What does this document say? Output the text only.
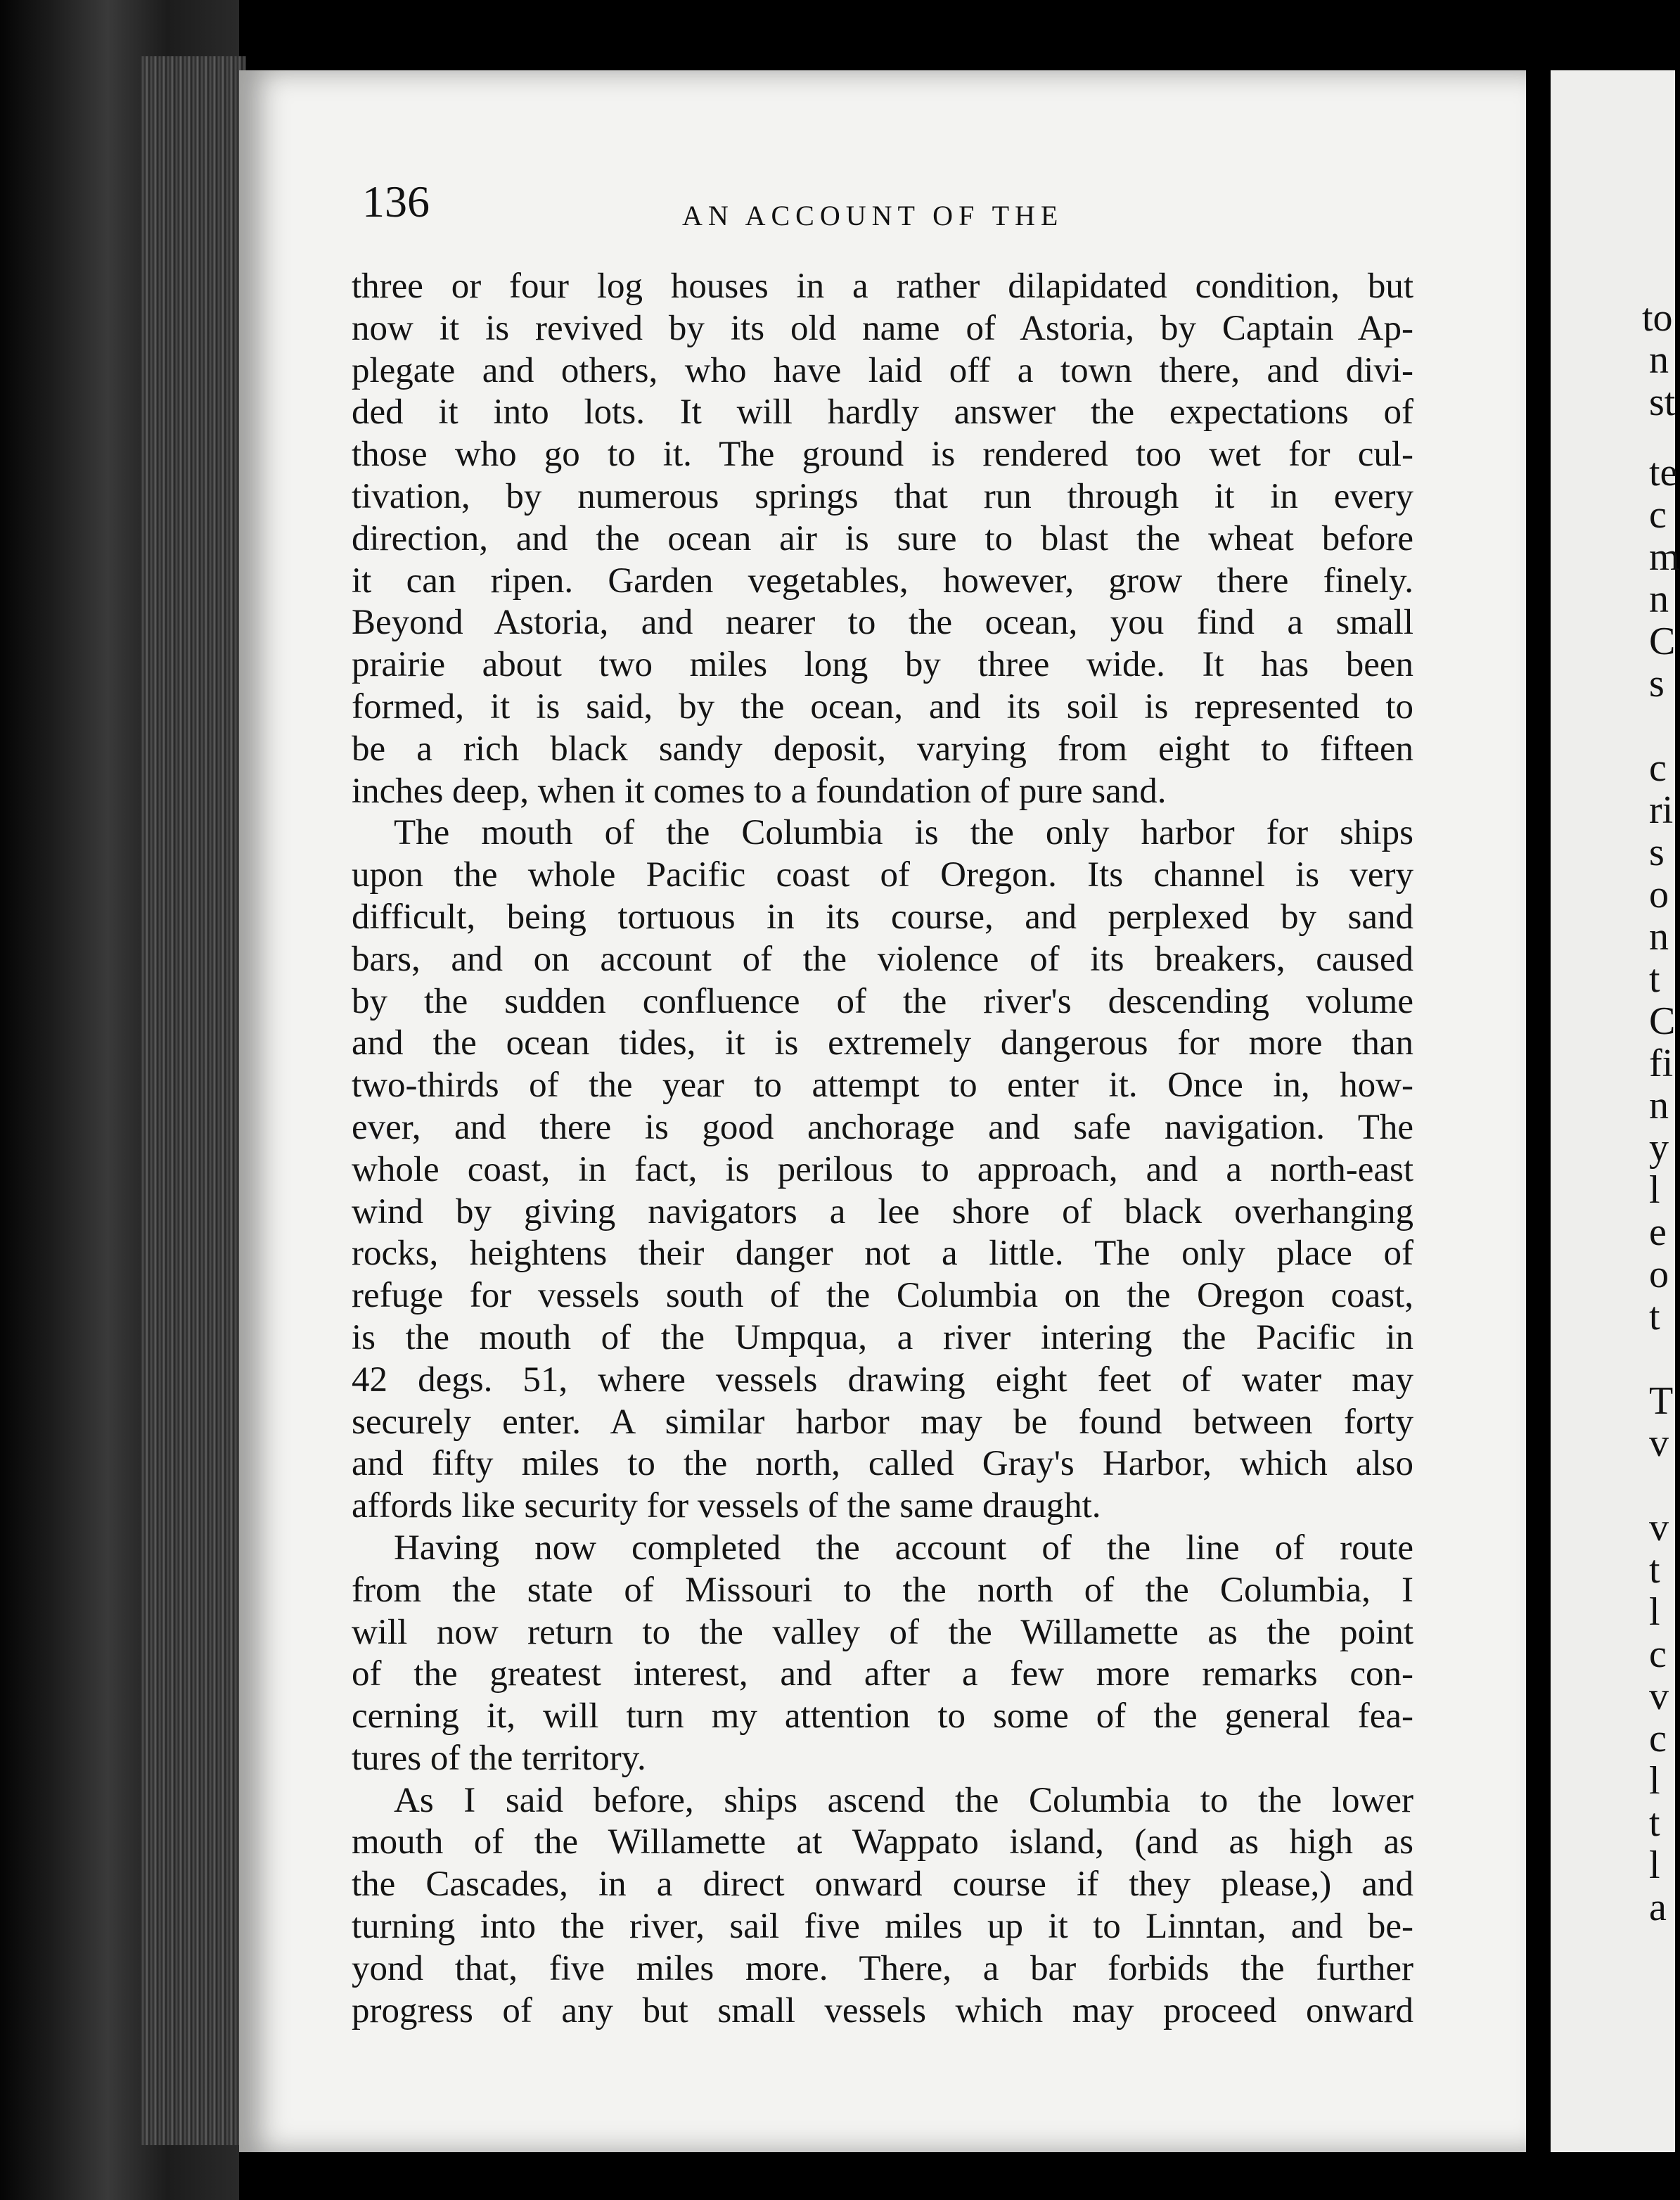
136	AN ACCOUNT OF THE
three or four log houses in a rather dilapidated condition, but
now it is revived by its old name of Astoria, by Captain Ap-
plegate and others, who have laid off a town there, and divi-
ded it into lots. It will hardly answer the expectations of
those who go to it. The ground is rendered too wet for cul-
tivation, by numerous springs that run through it in every
direction, and the ocean air is sure to blast the wheat before
it can ripen. Garden vegetables, however, grow there finely.
Beyond Astoria, and nearer to the ocean, you find a small
prairie about two miles long by three wide. It has been
formed, it is said, by the ocean, and its soil is represented to
be a rich black sandy deposit, varying from eight to fifteen
inches deep, when it comes to a foundation of pure sand.
The mouth of the Columbia is the only harbor for ships
upon the whole Pacific coast of Oregon. Its channel is very
difficult, being tortuous in its course, and perplexed by sand
bars, and on account of the violence of its breakers, caused
by the sudden confluence of the river's descending volume
and the ocean tides, it is extremely dangerous for more than
two-thirds of the year to attempt to enter it. Once in, how-
ever, and there is good anchorage and safe navigation. The
whole coast, in fact, is perilous to approach, and a north-east
wind by giving navigators a lee shore of black overhanging
rocks, heightens their danger not a little. The only place of
refuge for vessels south of the Columbia on the Oregon coast,
is the mouth of the Umpqua, a river intering the Pacific in
42 degs. 51, where vessels drawing eight feet of water may
securely enter. A similar harbor may be found between forty
and fifty miles to the north, called Gray's Harbor, which also
affords like security for vessels of the same draught.
Having now completed the account of the line of route
from the state of Missouri to the north of the Columbia, I
will now return to the valley of the Willamette as the point
of the greatest interest, and after a few more remarks con-
cerning it, will turn my attention to some of the general fea-
tures of the territory.
As I said before, ships ascend the Columbia to the lower
mouth of the Willamette at Wappato island, (and as high as
the Cascades, in a direct onward course if they please,) and
turning into the river, sail five miles up it to Linntan, and be-
yond that, five miles more. There, a bar forbids the further
progress of any but small vessels which may proceed onward
to
n
st
te
c
m
n
C
s
c
ri
s
o
n
t
C
fi
n
y
l
e
o
t
T
v
v
t
l
c
v
c
l
t
l
a
